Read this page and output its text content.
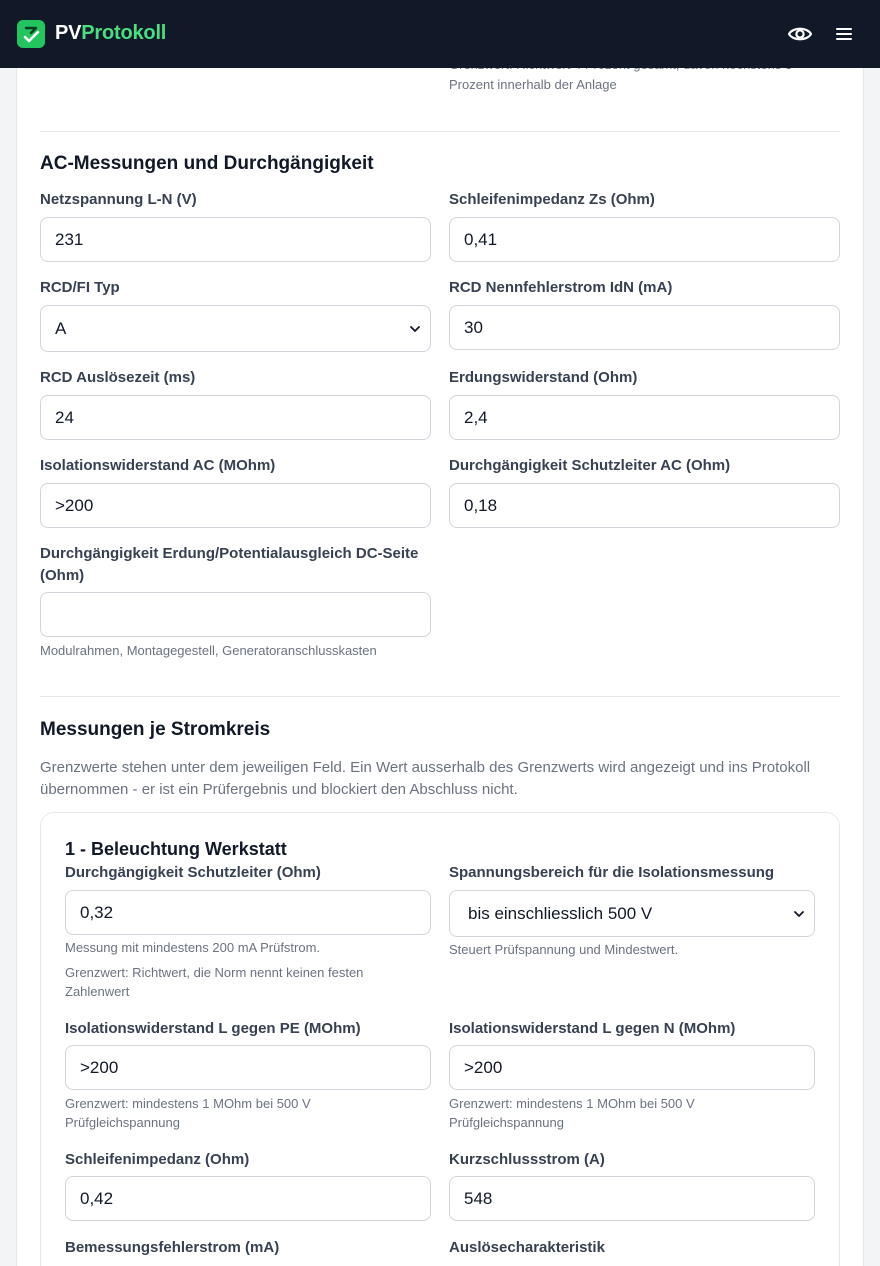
PVProtokoll
Prozent innerhalb der Anlage
AC-Messungen und Durchgängigkeit
Netzspannung L-N (V)
231
Schleifenimpedanz Zs (Ohm)
0,41
RCD/FI Typ
A
RCD Nennfehlerstrom IdN (mA)
30
RCD Auslösezeit (ms)
24
Erdungswiderstand (Ohm)
2,4
Isolationswiderstand AC (MOhm)
>200
Durchgängigkeit Schutzleiter AC (Ohm)
0,18
Durchgängigkeit Erdung/Potentialausgleich DC-Seite
(Ohm)
Modulrahmen, Montagegestell, Generatoranschlusskasten
Messungen je Stromkreis
Grenzwerte stehen unter dem jeweiligen Feld. Ein Wert ausserhalb des Grenzwerts wird angezeigt und ins Protokoll
übernommen - er ist ein Prüfergebnis und blockiert den Abschluss nicht.
1 - Beleuchtung Werkstatt
Durchgängigkeit Schutzleiter (Ohm)
0,32
Messung mit mindestens 200 mA Prüfstrom.
Grenzwert: Richtwert, die Norm nennt keinen festen
Zahlenwert
Spannungsbereich für die Isolationsmessung
bis einschliesslich 500 V
Steuert Prüfspannung und Mindestwert.
Isolationswiderstand L gegen PE (MOhm)
>200
Grenzwert: mindestens 1 MOhm bei 500 V
Prüfgleichspannung
Isolationswiderstand L gegen N (MOhm)
>200
Grenzwert: mindestens 1 MOhm bei 500 V
Prüfgleichspannung
Schleifenimpedanz (Ohm)
0,42
Kurzschlussstrom (A)
548
Bemessungsfehlerstrom (mA)	Auslösecharakteristik
